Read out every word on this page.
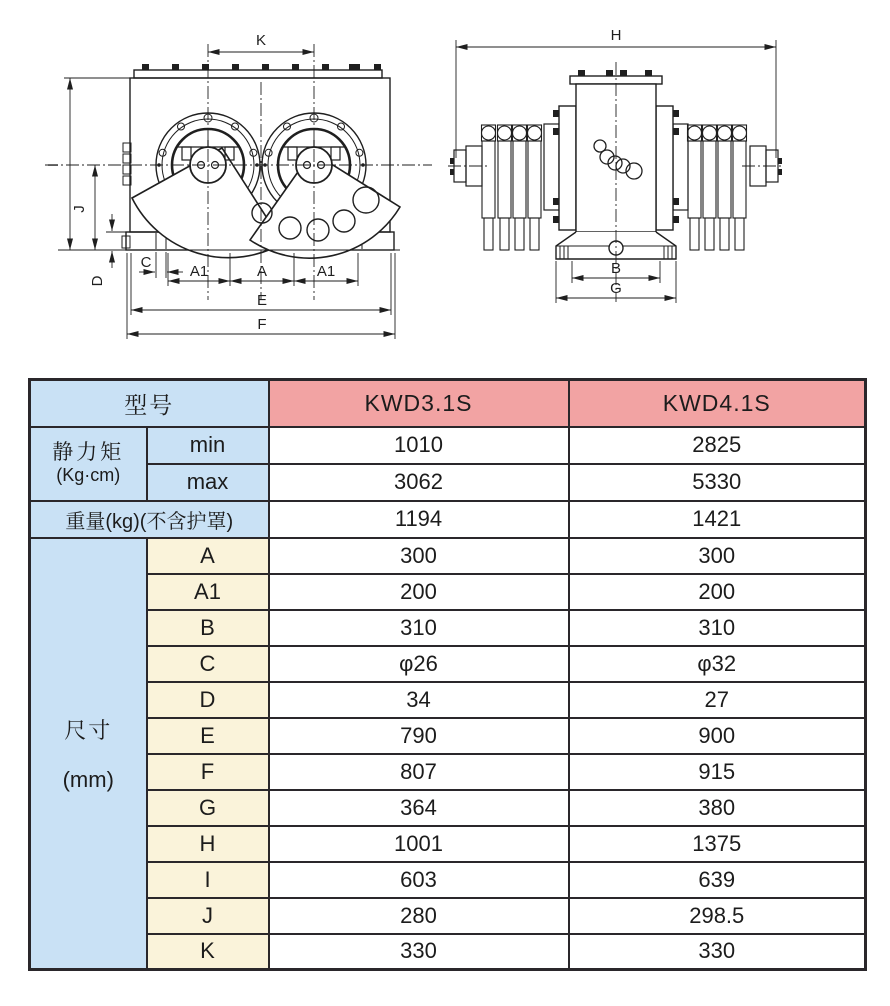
K
I
J
D
C
A1	A	A1
E
F
H
B
G
型号		KWD3.1S	KWD4.1S

静力矩
(Kg·cm)	min	1010	2825
	max	3062	5330
重量(kg)(不含护罩)		1194	1421

尺寸
(mm)	A	300	300
	A1	200	200
	B	310	310
	C	φ26	φ32
	D	34	27
	E	790	900
	F	807	915
	G	364	380
	H	1001	1375
	I	603	639
	J	280	298.5
	K	330	330
